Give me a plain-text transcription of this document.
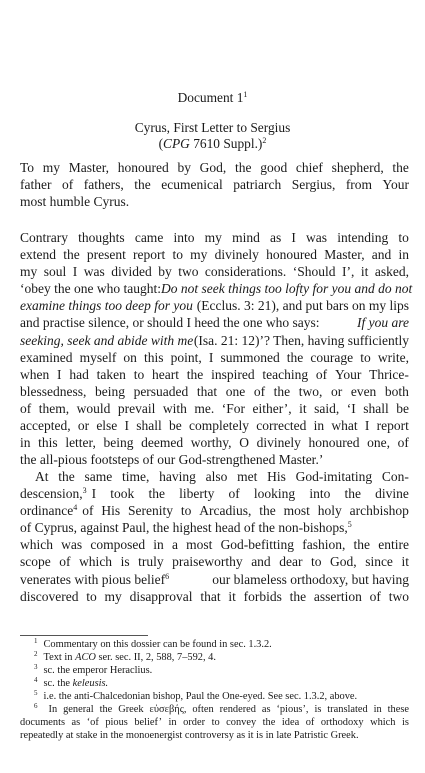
Document $1^1$
Cyrus, First Letter to Sergius
(CPG 7610 Suppl.)$^2$
To my Master, honoured by God, the good chief shepherd, the
father of fathers, the ecumenical patriarch Sergius, from Your
most humble Cyrus.
Contrary thoughts came into my mind as I was intending to
extend the present report to my divinely honoured Master, and in
my soul I was divided by two considerations. ‘Should I’, it asked,
‘obey the one who taught: Do not seek things too lofty for you and do not
examine things too deep for you (Ecclus. 3: 21), and put bars on my lips
and practise silence, or should I heed the one who says:	If you are
seeking, seek and abide with me (Isa. 21: 12)’? Then, having sufficiently
examined myself on this point, I summoned the courage to write,
when I had taken to heart the inspired teaching of Your Thrice-
blessedness, being persuaded that one of the two, or even both
of them, would prevail with me. ‘For either’, it said, ‘I shall be
accepted, or else I shall be completely corrected in what I report
in this letter, being deemed worthy, O divinely honoured one, of
the all-pious footsteps of our God-strengthened Master.’
At the same time, having also met His God-imitating Con-
descension,$^3$ I took the liberty of looking into the divine
ordinance$^4$ of His Serenity to Arcadius, the most holy archbishop
of Cyprus, against Paul, the highest head of the non-bishops,$^5$
which was composed in a most God-befitting fashion, the entire
scope of which is truly praiseworthy and dear to God, since it
venerates with pious belief$^6$	our blameless orthodoxy, but having
discovered to my disapproval that it forbids the assertion of two
$^1$ Commentary on this dossier can be found in sec. 1.3.2.
$^2$ Text in ACO ser. sec. II, 2, 588, 7–592, 4.
$^3$ sc. the emperor Heraclius.
$^4$ sc. the keleusis.
$^5$ i.e. the anti-Chalcedonian bishop, Paul the One-eyed. See sec. 1.3.2, above.
$^6$	In general the Greek εὐσεβής, often rendered as ‘pious’, is translated in these
documents as ‘of pious belief’ in order to convey the idea of orthodoxy which is
repeatedly at stake in the monoenergist controversy as it is in late Patristic Greek.
